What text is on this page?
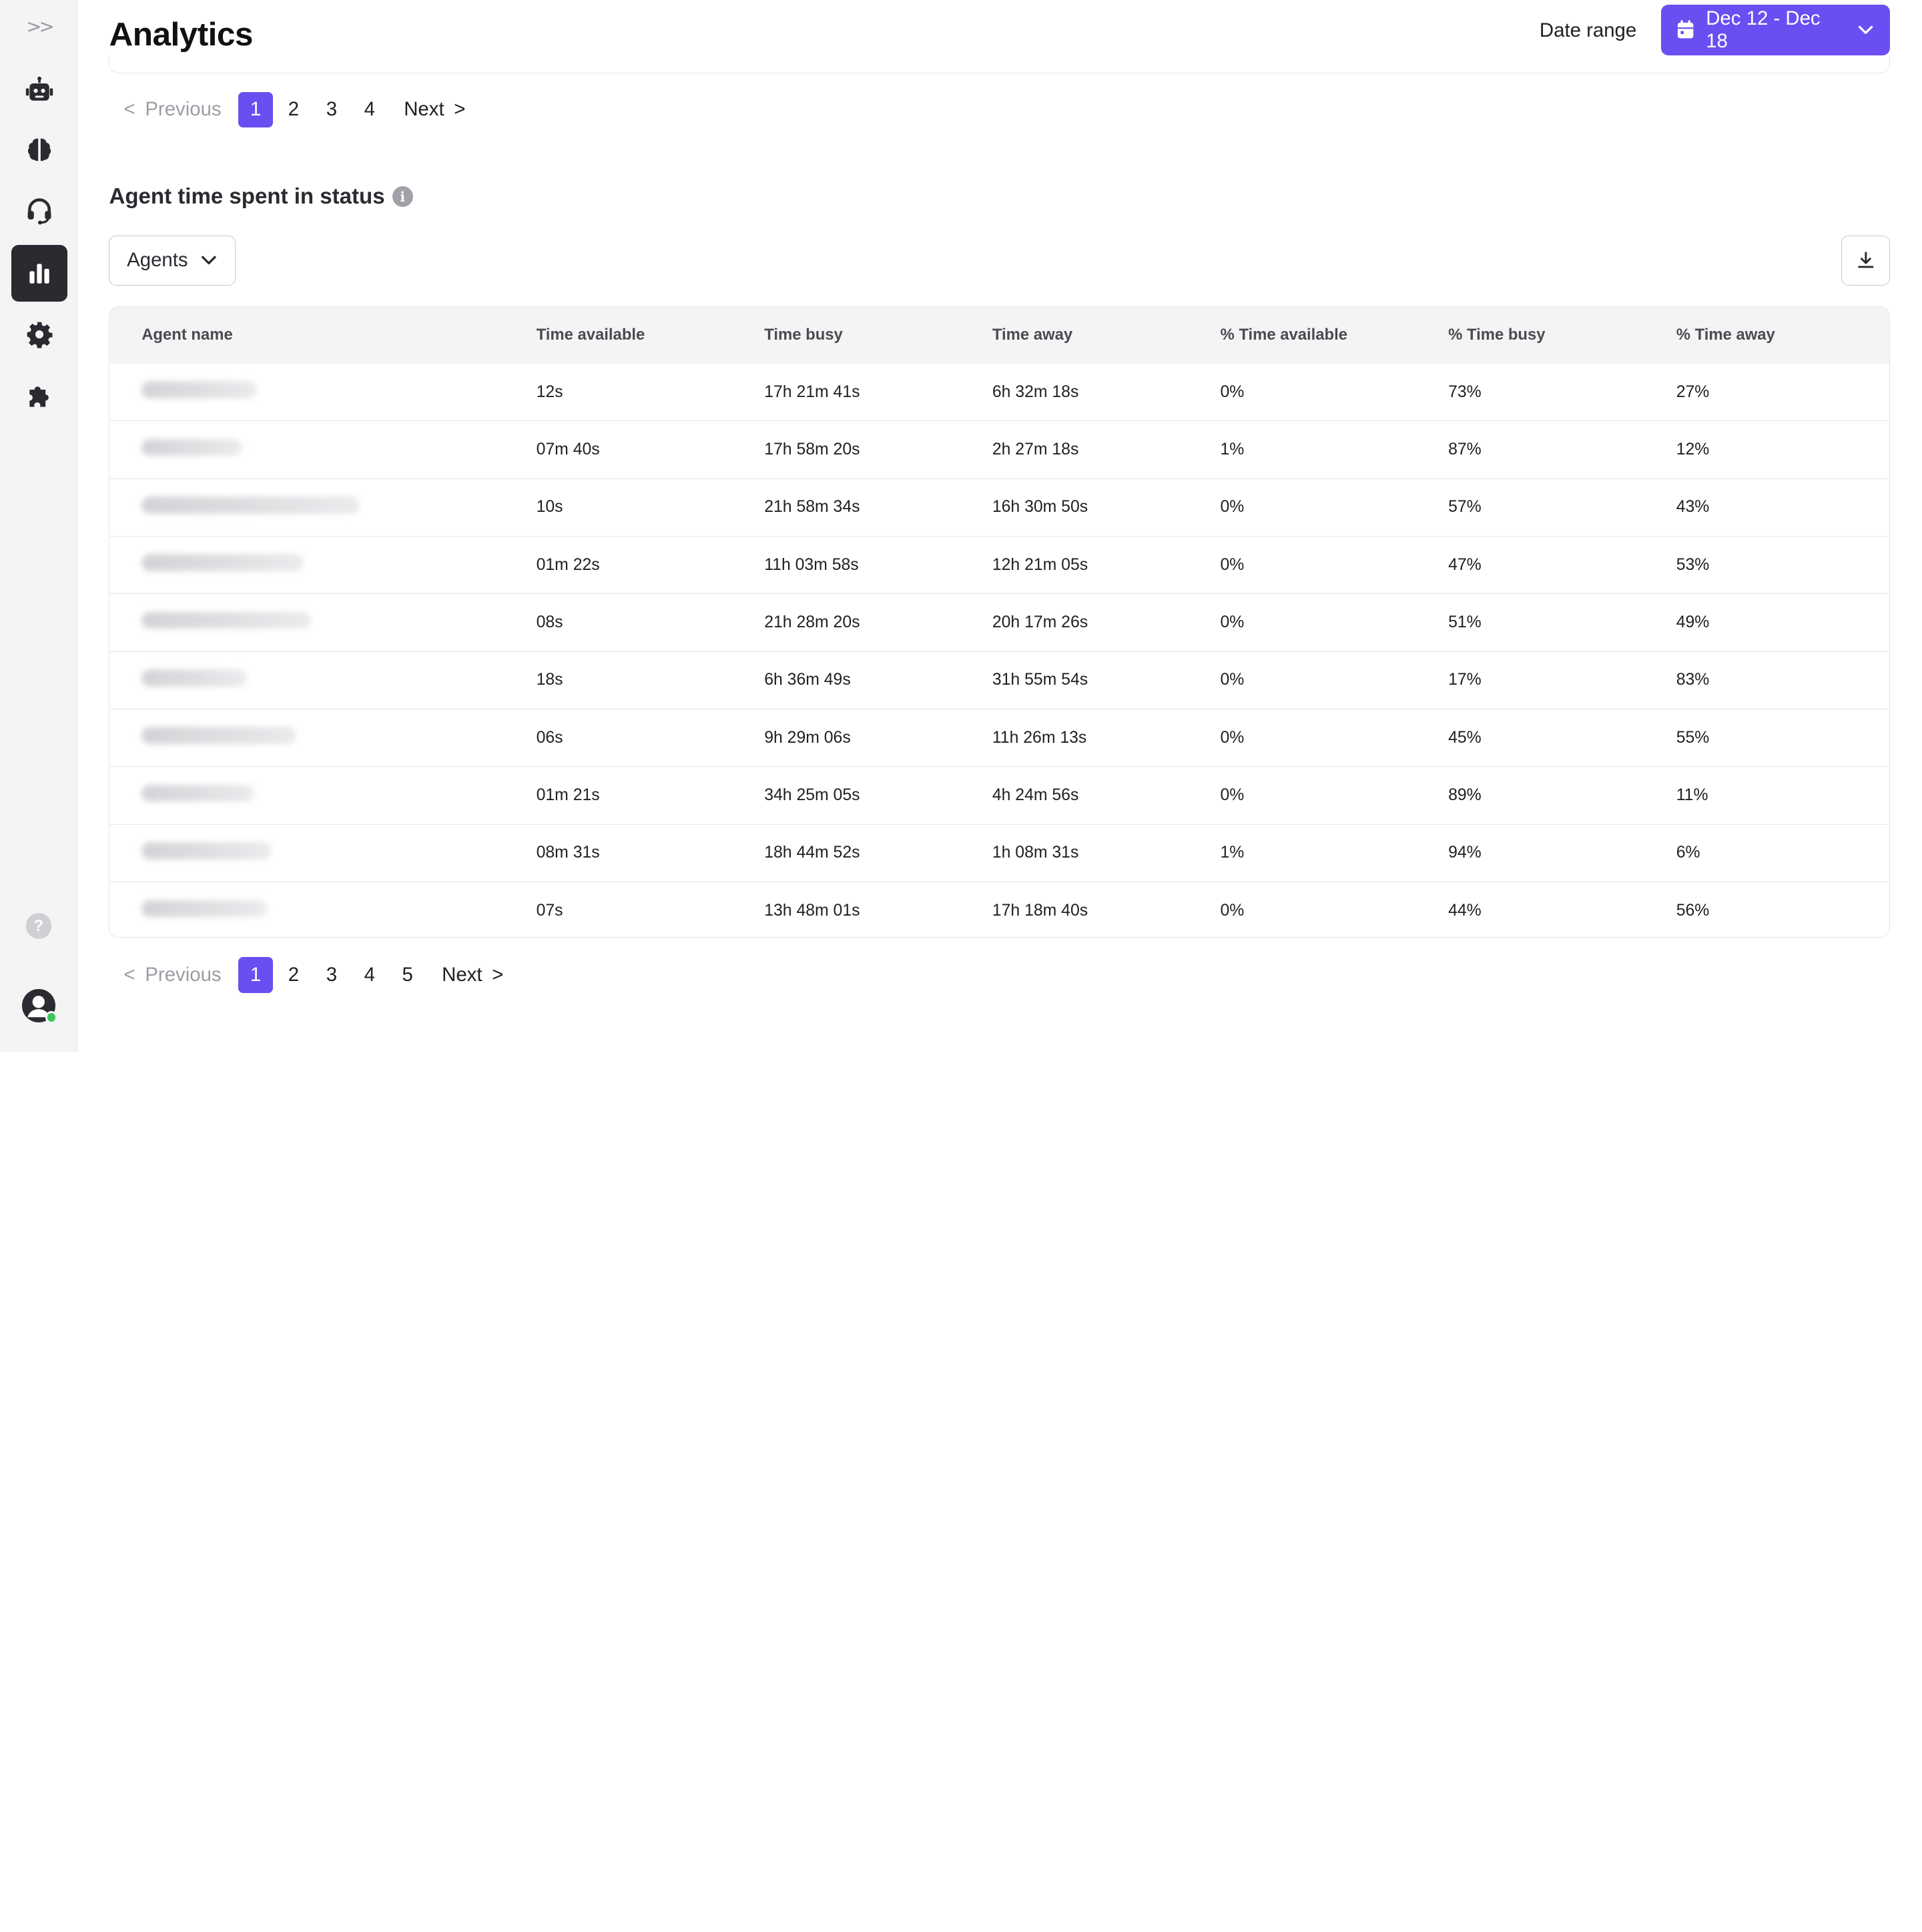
>>
?
Analytics	Date range
Dec 12 - Dec 18
< Previous	1	2	3	4	Next >
Agent time spent in status	i
Agents
Agent name	Time available	Time busy	Time away	% Time available	% Time busy	% Time away
	12s	17h 21m 41s	6h 32m 18s	0%	73%	27%
	07m 40s	17h 58m 20s	2h 27m 18s	1%	87%	12%
	10s	21h 58m 34s	16h 30m 50s	0%	57%	43%
	01m 22s	11h 03m 58s	12h 21m 05s	0%	47%	53%
	08s	21h 28m 20s	20h 17m 26s	0%	51%	49%
	18s	6h 36m 49s	31h 55m 54s	0%	17%	83%
	06s	9h 29m 06s	11h 26m 13s	0%	45%	55%
	01m 21s	34h 25m 05s	4h 24m 56s	0%	89%	11%
	08m 31s	18h 44m 52s	1h 08m 31s	1%	94%	6%
	07s	13h 48m 01s	17h 18m 40s	0%	44%	56%
< Previous	1	2	3	4	5	Next >
